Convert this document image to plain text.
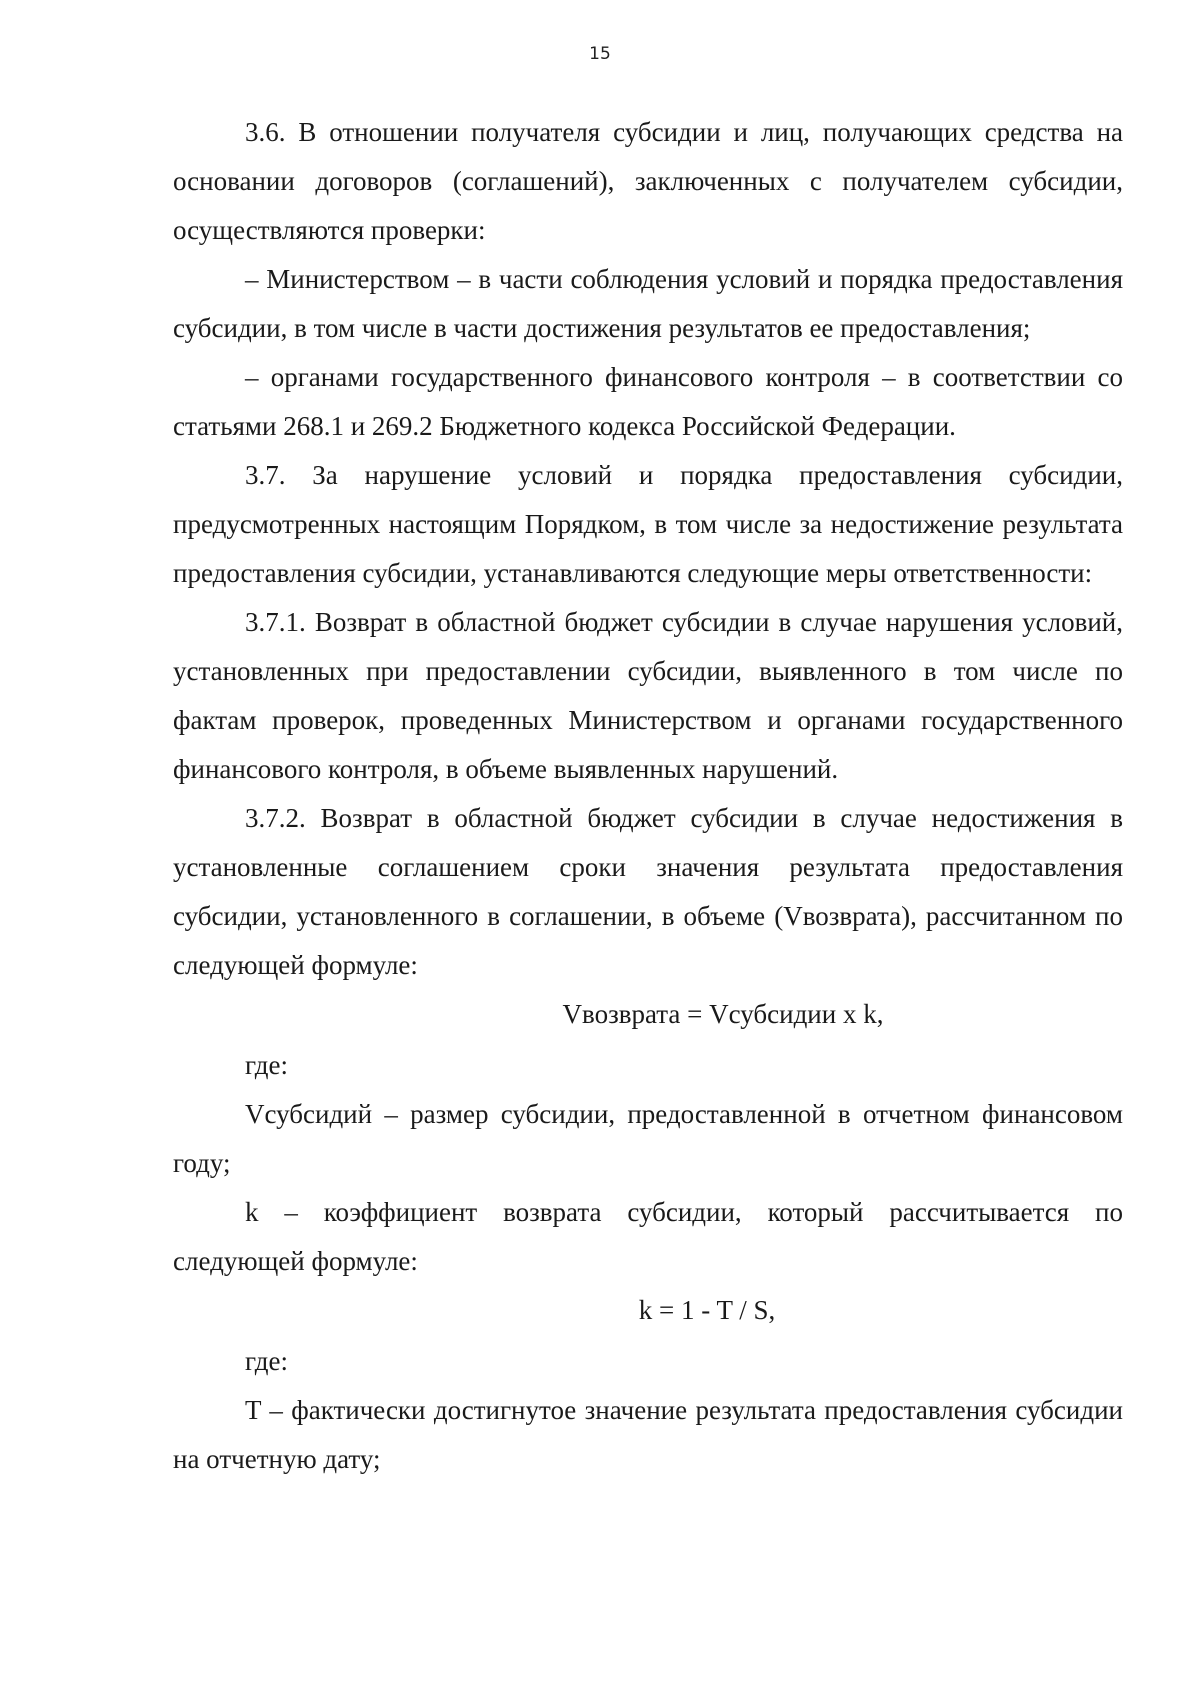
15

3.6. В отношении получателя субсидии и лиц, получающих средства на основании договоров (соглашений), заключенных с получателем субсидии, осуществляются проверки:

– Министерством – в части соблюдения условий и порядка предоставления субсидии, в том числе в части достижения результатов ее предоставления;

– органами государственного финансового контроля – в соответствии со статьями 268.1 и 269.2 Бюджетного кодекса Российской Федерации.

3.7. За нарушение условий и порядка предоставления субсидии, предусмотренных настоящим Порядком, в том числе за недостижение результата предоставления субсидии, устанавливаются следующие меры ответственности:

3.7.1. Возврат в областной бюджет субсидии в случае нарушения условий, установленных при предоставлении субсидии, выявленного в том числе по фактам проверок, проведенных Министерством и органами государственного финансового контроля, в объеме выявленных нарушений.

3.7.2. Возврат в областной бюджет субсидии в случае недостижения в установленные соглашением сроки значения результата предоставления субсидии, установленного в соглашении, в объеме (Vвозврата), рассчитанном по следующей формуле:

Vвозврата = Vсубсидии x k,

где:

Vсубсидий – размер субсидии, предоставленной в отчетном финансовом году;

k – коэффициент возврата субсидии, который рассчитывается по следующей формуле:

k = 1 - T / S,

где:

T – фактически достигнутое значение результата предоставления субсидии на отчетную дату;
